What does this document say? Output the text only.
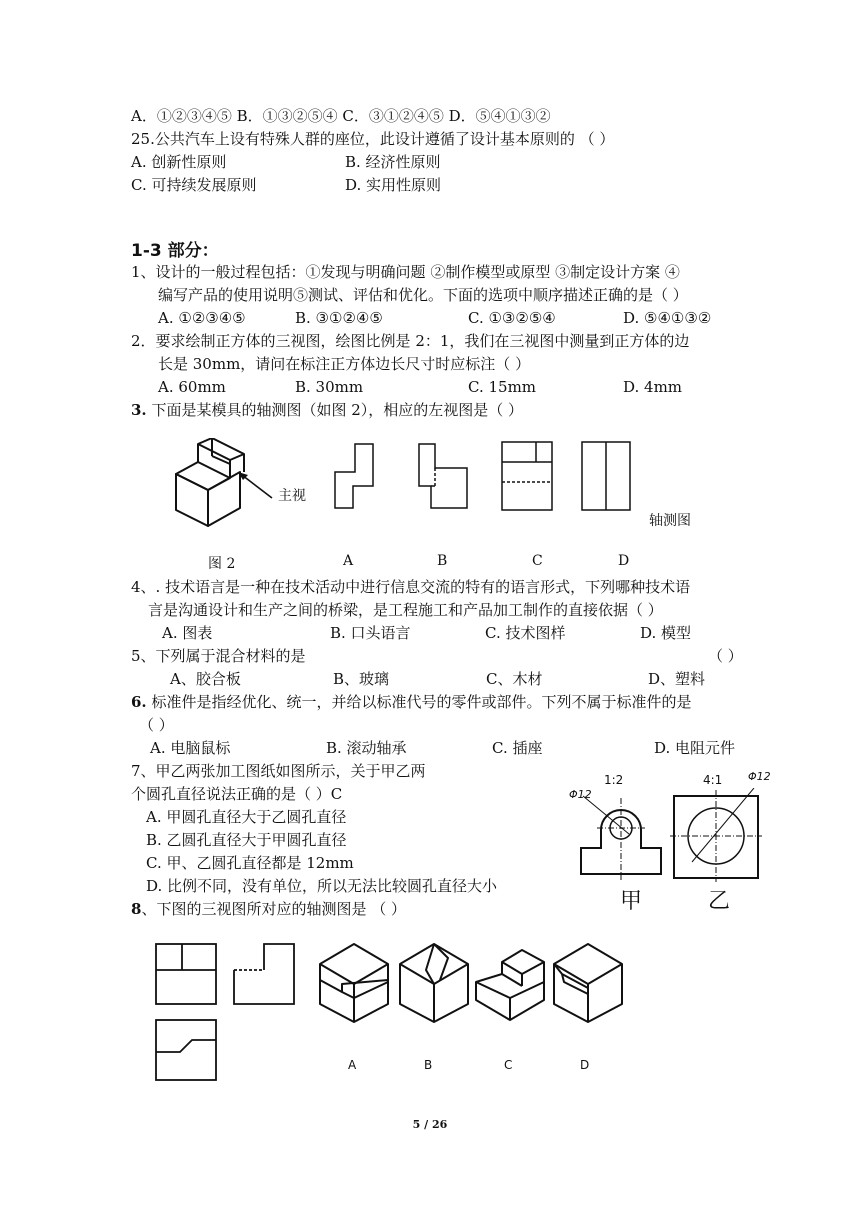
A．①②③④⑤ B．①③②⑤④ C．③①②④⑤ D．⑤④①③②
25.公共汽车上设有特殊人群的座位，此设计遵循了设计基本原则的 （ ）
A. 创新性原则	B. 经济性原则
C. 可持续发展原则	D. 实用性原则
1-3 部分：
1、设计的一般过程包括：①发现与明确问题 ②制作模型或原型 ③制定设计方案 ④
编写产品的使用说明⑤测试、评估和优化。下面的选项中顺序描述正确的是（ ）
A. ①②③④⑤	B. ③①②④⑤	C. ①③②⑤④	D. ⑤④①③②
2．要求绘制正方体的三视图，绘图比例是 2：1，我们在三视图中测量到正方体的边
长是 30mm，请问在标注正方体边长尺寸时应标注（ ）
A. 60mm	B. 30mm	C. 15mm	D. 4mm
3. 下面是某模具的轴测图（如图 2），相应的左视图是（ ）
主视
轴测图
图 2	A	B	C	D
4、. 技术语言是一种在技术活动中进行信息交流的特有的语言形式，下列哪种技术语
言是沟通设计和生产之间的桥梁，是工程施工和产品加工制作的直接依据（ ）
A. 图表	B. 口头语言	C. 技术图样	D. 模型
5、下列属于混合材料的是	（ ）
A、胶合板	B、玻璃	C、木材	D、塑料
6. 标准件是指经优化、统一，并给以标准代号的零件或部件。下列不属于标准件的是
（ ）
A. 电脑鼠标	B. 滚动轴承	C. 插座	D. 电阻元件
7、甲乙两张加工图纸如图所示，关于甲乙两
个圆孔直径说法正确的是（ ）C
A. 甲圆孔直径大于乙圆孔直径
B. 乙圆孔直径大于甲圆孔直径
C. 甲、乙圆孔直径都是 12mm
D. 比例不同，没有单位，所以无法比较圆孔直径大小
1:2
Φ12
4:1 Φ12
甲	乙
8、下图的三视图所对应的轴测图是 （ ）
A	B	C	D
5 / 26
